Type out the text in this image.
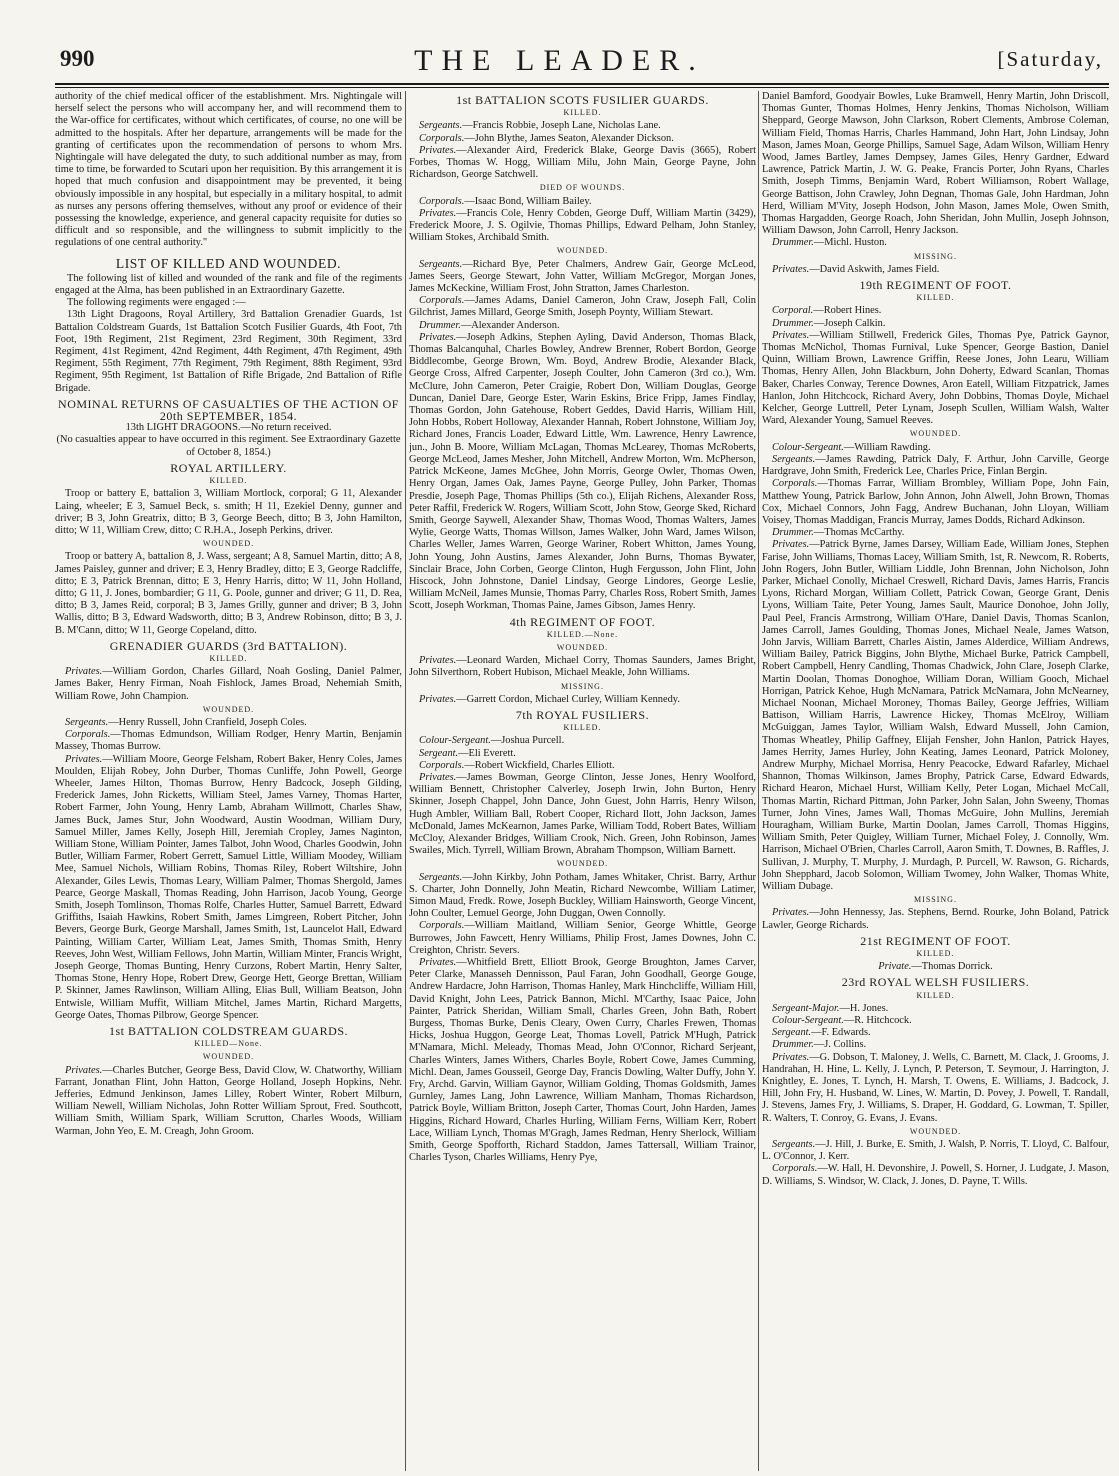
990	THE LEADER.	[Saturday,

authority of the chief medical officer of the establishment. Mrs. Nightingale will herself select the persons who will accompany her, and will recommend them to the War-office for certificates, without which certificates, of course, no one will be admitted to the hospitals. After her departure, arrangements will be made for the granting of certificates upon the recommendation of persons to whom Mrs. Nightingale will have delegated the duty, to such additional number as may, from time to time, be forwarded to Scutari upon her requisition. By this arrangement it is hoped that much confusion and disappointment may be prevented, it being obviously impossible in any hospital, but especially in a military hospital, to admit as nurses any persons offering themselves, without any proof or evidence of their possessing the knowledge, experience, and general capacity requisite for duties so difficult and so responsible, and the willingness to submit implicitly to the regulations of one central authority."

LIST OF KILLED AND WOUNDED.

The following list of killed and wounded of the rank and file of the regiments engaged at the Alma, has been published in an Extraordinary Gazette.

The following regiments were engaged :—

13th Light Dragoons, Royal Artillery, 3rd Battalion Grenadier Guards, 1st Battalion Coldstream Guards, 1st Battalion Scotch Fusilier Guards, 4th Foot, 7th Foot, 19th Regiment, 21st Regiment, 23rd Regiment, 30th Regiment, 33rd Regiment, 41st Regiment, 42nd Regiment, 44th Regiment, 47th Regiment, 49th Regiment, 55th Regiment, 77th Regiment, 79th Regiment, 88th Regiment, 93rd Regiment, 95th Regiment, 1st Battalion of Rifle Brigade, 2nd Battalion of Rifle Brigade.

NOMINAL RETURNS OF CASUALTIES OF THE ACTION OF 20th SEPTEMBER, 1854.

13th LIGHT DRAGOONS.—No return received.

(No casualties appear to have occurred in this regiment. See Extraordinary Gazette of October 8, 1854.)

ROYAL ARTILLERY.

KILLED.

Troop or battery E, battalion 3, William Mortlock, corporal; G 11, Alexander Laing, wheeler; E 3, Samuel Beck, s. smith; H 11, Ezekiel Denny, gunner and driver; B 3, John Greatrix, ditto; B 3, George Beech, ditto; B 3, John Hamilton, ditto; W 11, William Crew, ditto; C R.H.A., Joseph Perkins, driver.

WOUNDED.

Troop or battery A, battalion 8, J. Wass, sergeant; A 8, Samuel Martin, ditto; A 8, James Paisley, gunner and driver; E 3, Henry Bradley, ditto; E 3, George Radcliffe, ditto; E 3, Patrick Brennan, ditto; E 3, Henry Harris, ditto; W 11, John Holland, ditto; G 11, J. Jones, bombardier; G 11, G. Poole, gunner and driver; G 11, D. Rea, ditto; B 3, James Reid, corporal; B 3, James Grilly, gunner and driver; B 3, John Wallis, ditto; B 3, Edward Wadsworth, ditto; B 3, Andrew Robinson, ditto; B 3, J. B. M'Cann, ditto; W 11, George Copeland, ditto.

GRENADIER GUARDS (3rd BATTALION).

KILLED.

Privates.—William Gordon, Charles Gillard, Noah Gosling, Daniel Palmer, James Baker, Henry Firman, Noah Fishlock, James Broad, Nehemiah Smith, William Rowe, John Champion.

WOUNDED.

Sergeants.—Henry Russell, John Cranfield, Joseph Coles.

Corporals.—Thomas Edmundson, William Rodger, Henry Martin, Benjamin Massey, Thomas Burrow.

Privates.—William Moore, George Felsham, Robert Baker, Henry Coles, James Moulden, Elijah Robey, John Durber, Thomas Cunliffe, John Powell, George Wheeler, James Hilton, Thomas Burrow, Henry Badcock, Joseph Gilding, Frederick James, John Ricketts, William Steel, James Varney, Thomas Harter, Robert Farmer, John Young, Henry Lamb, Abraham Willmott, Charles Shaw, James Buck, James Stur, John Woodward, Austin Woodman, William Dury, Samuel Miller, James Kelly, Joseph Hill, Jeremiah Cropley, James Naginton, William Stone, William Pointer, James Talbot, John Wood, Charles Goodwin, John Butler, William Farmer, Robert Gerrett, Samuel Little, William Moodey, William Mee, Samuel Nichols, William Robins, Thomas Riley, Robert Wiltshire, John Alexander, Giles Lewis, Thomas Leary, William Palmer, Thomas Shergold, James Pearce, George Maskall, Thomas Reading, John Harrison, Jacob Young, George Smith, Joseph Tomlinson, Thomas Rolfe, Charles Hutter, Samuel Barrett, Edward Griffiths, Isaiah Hawkins, Robert Smith, James Limgreen, Robert Pitcher, John Bevers, George Burk, George Marshall, James Smith, 1st, Launcelot Hall, Edward Painting, William Carter, William Leat, James Smith, Thomas Smith, Henry Reeves, John West, William Fellows, John Martin, William Minter, Francis Wright, Joseph George, Thomas Bunting, Henry Curzons, Robert Martin, Henry Salter, Thomas Stone, Henry Hope, Robert Drew, George Hett, George Brettan, William P. Skinner, James Rawlinson, William Alling, Elias Bull, William Beatson, John Entwisle, William Muffit, William Mitchel, James Martin, Richard Margetts, George Oates, Thomas Pilbrow, George Spencer.

1st BATTALION COLDSTREAM GUARDS.

KILLED—None.

WOUNDED.

Privates.—Charles Butcher, George Bess, David Clow, W. Chatworthy, William Farrant, Jonathan Flint, John Hatton, George Holland, Joseph Hopkins, Nehr. Jefferies, Edmund Jenkinson, James Lilley, Robert Winter, Robert Milburn, William Newell, William Nicholas, John Rotter William Sprout, Fred. Southcott, William Smith, William Spark, William Scrutton, Charles Woods, William Warman, John Yeo, E. M. Creagh, John Groom.

1st BATTALION SCOTS FUSILIER GUARDS.

KILLED.

Sergeants.—Francis Robbie, Joseph Lane, Nicholas Lane.

Corporals.—John Blythe, James Seaton, Alexander Dickson.

Privates.—Alexander Aird, Frederick Blake, George Davis (3665), Robert Forbes, Thomas W. Hogg, William Milu, John Main, George Payne, John Richardson, George Satchwell.

DIED OF WOUNDS.

Corporals.—Isaac Bond, William Bailey.

Privates.—Francis Cole, Henry Cobden, George Duff, William Martin (3429), Frederick Moore, J. S. Ogilvie, Thomas Phillips, Edward Pelham, John Stanley, William Stokes, Archibald Smith.

WOUNDED.

Sergeants.—Richard Bye, Peter Chalmers, Andrew Gair, George McLeod, James Seers, George Stewart, John Vatter, William McGregor, Morgan Jones, James McKeckine, William Frost, John Stratton, James Charleston.

Corporals.—James Adams, Daniel Cameron, John Craw, Joseph Fall, Colin Gilchrist, James Millard, George Smith, Joseph Poynty, William Stewart.

Drummer.—Alexander Anderson.

Privates.—Joseph Adkins, Stephen Ayling, David Anderson, Thomas Black, Thomas Balcanquhal, Charles Bowley, Andrew Brenner, Robert Bordon, George Biddlecombe, George Brown, Wm. Boyd, Andrew Brodie, Alexander Black, George Cross, Alfred Carpenter, Joseph Coulter, John Cameron (3rd co.), Wm. McClure, John Cameron, Peter Craigie, Robert Don, William Douglas, George Duncan, Daniel Dare, George Ester, Warin Eskins, Brice Fripp, James Findlay, Thomas Gordon, John Gatehouse, Robert Geddes, David Harris, William Hill, John Hobbs, Robert Holloway, Alexander Hannah, Robert Johnstone, William Joy, Richard Jones, Francis Loader, Edward Little, Wm. Lawrence, Henry Lawrence, jun., John B. Moore, William McLagan, Thomas McLearey, Thomas McRoberts, George McLeod, James Mesher, John Mitchell, Andrew Morton, Wm. McPherson, Patrick McKeone, James McGhee, John Morris, George Owler, Thomas Owen, Henry Organ, James Oak, James Payne, George Pulley, John Parker, Thomas Presdie, Joseph Page, Thomas Phillips (5th co.), Elijah Richens, Alexander Ross, Peter Raffil, Frederick W. Rogers, William Scott, John Stow, George Sked, Richard Smith, George Saywell, Alexander Shaw, Thomas Wood, Thomas Walters, James Wylie, George Watts, Thomas Willson, James Walker, John Ward, James Wilson, Charles Weller, James Warren, George Wariner, Robert Whitton, James Young, John Young, John Austins, James Alexander, John Burns, Thomas Bywater, Sinclair Brace, John Corben, George Clinton, Hugh Fergusson, John Flint, John Hiscock, John Johnstone, Daniel Lindsay, George Lindores, George Leslie, William McNeil, James Munsie, Thomas Parry, Charles Ross, Robert Smith, James Scott, Joseph Workman, Thomas Paine, James Gibson, James Henry.

4th REGIMENT OF FOOT.

KILLED.—None.

WOUNDED.

Privates.—Leonard Warden, Michael Corry, Thomas Saunders, James Bright, John Silverthorn, Robert Hubison, Michael Meakle, John Williams.

MISSING.

Privates.—Garrett Cordon, Michael Curley, William Kennedy.

7th ROYAL FUSILIERS.

KILLED.

Colour-Sergeant.—Joshua Purcell.

Sergeant.—Eli Everett.

Corporals.—Robert Wickfield, Charles Elliott.

Privates.—James Bowman, George Clinton, Jesse Jones, Henry Woolford, William Bennett, Christopher Calverley, Joseph Irwin, John Burton, Henry Skinner, Joseph Chappel, John Dance, John Guest, John Harris, Henry Wilson, Hugh Ambler, William Ball, Robert Cooper, Richard Ilott, John Jackson, James McDonald, James McKearnon, James Parke, William Todd, Robert Bates, William McCloy, Alexander Bridges, William Crook, Nich. Green, John Robinson, James Swailes, Mich. Tyrrell, William Brown, Abraham Thompson, William Barnett.

WOUNDED.

Sergeants.—John Kirkby, John Potham, James Whitaker, Christ. Barry, Arthur S. Charter, John Donnelly, John Meatin, Richard Newcombe, William Latimer, Simon Maud, Fredk. Rowe, Joseph Buckley, William Hainsworth, George Vincent, John Coulter, Lemuel George, John Duggan, Owen Connolly.

Corporals.—William Maitland, William Senior, George Whittle, George Burrowes, John Fawcett, Henry Williams, Philip Frost, James Downes, John C. Creighton, Christr. Severs.

Privates.—Whitfield Brett, Elliott Brook, George Broughton, James Carver, Peter Clarke, Manasseh Dennisson, Paul Faran, John Goodhall, George Gouge, Andrew Hardacre, John Harrison, Thomas Hanley, Mark Hinchcliffe, William Hill, David Knight, John Lees, Patrick Bannon, Michl. M'Carthy, Isaac Paice, John Painter, Patrick Sheridan, William Small, Charles Green, John Bath, Robert Burgess, Thomas Burke, Denis Cleary, Owen Curry, Charles Frewen, Thomas Hicks, Joshua Huggon, George Leat, Thomas Lovell, Patrick M'Hugh, Patrick M'Namara, Michl. Meleady, Thomas Mead, John O'Connor, Richard Serjeant, Charles Winters, James Withers, Charles Boyle, Robert Cowe, James Cumming, Michl. Dean, James Gousseil, George Day, Francis Dowling, Walter Duffy, John Y. Fry, Archd. Garvin, William Gaynor, William Golding, Thomas Goldsmith, James Gurnley, James Lang, John Lawrence, William Manham, Thomas Richardson, Patrick Boyle, William Britton, Joseph Carter, Thomas Court, John Harden, James Higgins, Richard Howard, Charles Hurling, William Ferns, William Kerr, Robert Lace, William Lynch, Thomas M'Gragh, James Redman, Henry Sherlock, William Smith, George Spofforth, Richard Staddon, James Tattersall, William Trainor, Charles Tyson, Charles Williams, Henry Pye,

Daniel Bamford, Goodyair Bowles, Luke Bramwell, Henry Martin, John Driscoll, Thomas Gunter, Thomas Holmes, Henry Jenkins, Thomas Nicholson, William Sheppard, George Mawson, John Clarkson, Robert Clements, Ambrose Coleman, William Field, Thomas Harris, Charles Hammand, John Hart, John Lindsay, John Mason, James Moan, George Phillips, Samuel Sage, Adam Wilson, William Henry Wood, James Bartley, James Dempsey, James Giles, Henry Gardner, Edward Lawrence, Patrick Martin, J. W. G. Peake, Francis Porter, John Ryans, Charles Smith, Joseph Timms, Benjamin Ward, Robert Williamson, Robert Wallage, George Battison, John Crawley, John Degnan, Thomas Gale, John Hardman, John Herd, William M'Vity, Joseph Hodson, John Mason, James Mole, Owen Smith, Thomas Hargadden, George Roach, John Sheridan, John Mullin, Joseph Johnson, William Dawson, John Carroll, Henry Jackson.

Drummer.—Michl. Huston.

MISSING.

Privates.—David Askwith, James Field.

19th REGIMENT OF FOOT.

KILLED.

Corporal.—Robert Hines.

Drummer.—Joseph Calkin.

Privates.—William Stillwell, Frederick Giles, Thomas Pye, Patrick Gaynor, Thomas McNichol, Thomas Furnival, Luke Spencer, George Bastion, Daniel Quinn, William Brown, Lawrence Griffin, Reese Jones, John Learu, William Thomas, Henry Allen, John Blackburn, John Doherty, Edward Scanlan, Thomas Baker, Charles Conway, Terence Downes, Aron Eatell, William Fitzpatrick, James Hanlon, John Hitchcock, Richard Avery, John Dobbins, Thomas Doyle, Michael Kelcher, George Luttrell, Peter Lynam, Joseph Scullen, William Walsh, Walter Ward, Alexander Young, Samuel Reeves.

WOUNDED.

Colour-Sergeant.—William Rawding.

Sergeants.—James Rawding, Patrick Daly, F. Arthur, John Carville, George Hardgrave, John Smith, Frederick Lee, Charles Price, Finlan Bergin.

Corporals.—Thomas Farrar, William Brombley, William Pope, John Fain, Matthew Young, Patrick Barlow, John Annon, John Alwell, John Brown, Thomas Cox, Michael Connors, John Fagg, Andrew Buchanan, John Lloyan, William Voisey, Thomas Maddigan, Francis Murray, James Dodds, Richard Adkinson.

Drummer.—Thomas McCarthy.

Privates.—Patrick Byrne, James Darsey, William Eade, William Jones, Stephen Farise, John Williams, Thomas Lacey, William Smith, 1st, R. Newcom, R. Roberts, John Rogers, John Butler, William Liddle, John Brennan, John Nicholson, John Parker, Michael Conolly, Michael Creswell, Richard Davis, James Harris, Francis Lyons, Richard Morgan, William Collett, Patrick Cowan, George Grant, Denis Lyons, William Taite, Peter Young, James Sault, Maurice Donohoe, John Jolly, Paul Peel, Francis Armstrong, William O'Hare, Daniel Davis, Thomas Scanlon, James Carroll, James Goulding, Thomas Jones, Michael Neale, James Watson, John Jarvis, William Barrett, Charles Aistin, James Alderdice, William Andrews, William Bailey, Patrick Biggins, John Blythe, Michael Burke, Patrick Campbell, Robert Campbell, Henry Candling, Thomas Chadwick, John Clare, Joseph Clarke, Martin Doolan, Thomas Donoghoe, William Doran, William Gooch, Michael Horrigan, Patrick Kehoe, Hugh McNamara, Patrick McNamara, John McNearney, Michael Noonan, Michael Moroney, Thomas Bailey, George Jeffries, William Battison, William Harris, Lawrence Hickey, Thomas McElroy, William McGuiggan, James Taylor, William Walsh, Edward Mussell, John Camion, Thomas Wheatley, Philip Gaffney, Elijah Fensher, John Hanlon, Patrick Hayes, James Herrity, James Hurley, John Keating, James Leonard, Patrick Moloney, Andrew Murphy, Michael Morrisa, Henry Peacocke, Edward Rafarley, Michael Shannon, Thomas Wilkinson, James Brophy, Patrick Carse, Edward Edwards, Richard Hearon, Michael Hurst, William Kelly, Peter Logan, Michael McCall, Thomas Martin, Richard Pittman, John Parker, John Salan, John Sweeny, Thomas Turner, John Vines, James Wall, Thomas McGuire, John Mullins, Jeremiah Houragham, William Burke, Martin Doolan, James Carroll, Thomas Higgins, William Smith, Peter Quigley, William Turner, Michael Foley, J. Connolly, Wm. Harrison, Michael O'Brien, Charles Carroll, Aaron Smith, T. Downes, B. Raffles, J. Sullivan, J. Murphy, T. Murphy, J. Murdagh, P. Purcell, W. Rawson, G. Richards, John Shepphard, Jacob Solomon, William Twomey, John Walker, Thomas White, William Dubage.

MISSING.

Privates.—John Hennessy, Jas. Stephens, Bernd. Rourke, John Boland, Patrick Lawler, George Richards.

21st REGIMENT OF FOOT.

KILLED.

Private.—Thomas Dorrick.

23rd ROYAL WELSH FUSILIERS.

KILLED.

Sergeant-Major.—H. Jones.

Colour-Sergeant.—R. Hitchcock.

Sergeant.—F. Edwards.

Drummer.—J. Collins.

Privates.—G. Dobson, T. Maloney, J. Wells, C. Barnett, M. Clack, J. Grooms, J. Handrahan, H. Hine, L. Kelly, J. Lynch, P. Peterson, T. Seymour, J. Harrington, J. Knightley, E. Jones, T. Lynch, H. Marsh, T. Owens, E. Williams, J. Badcock, J. Hill, John Fry, H. Husband, W. Lines, W. Martin, D. Povey, J. Powell, T. Randall, J. Stevens, James Fry, J. Williams, S. Draper, H. Goddard, G. Lowman, T. Spiller, R. Walters, T. Conroy, G. Evans, J. Evans.

WOUNDED.

Sergeants.—J. Hill, J. Burke, E. Smith, J. Walsh, P. Norris, T. Lloyd, C. Balfour, L. O'Connor, J. Kerr.

Corporals.—W. Hall, H. Devonshire, J. Powell, S. Horner, J. Ludgate, J. Mason, D. Williams, S. Windsor, W. Clack, J. Jones, D. Payne, T. Wills.
